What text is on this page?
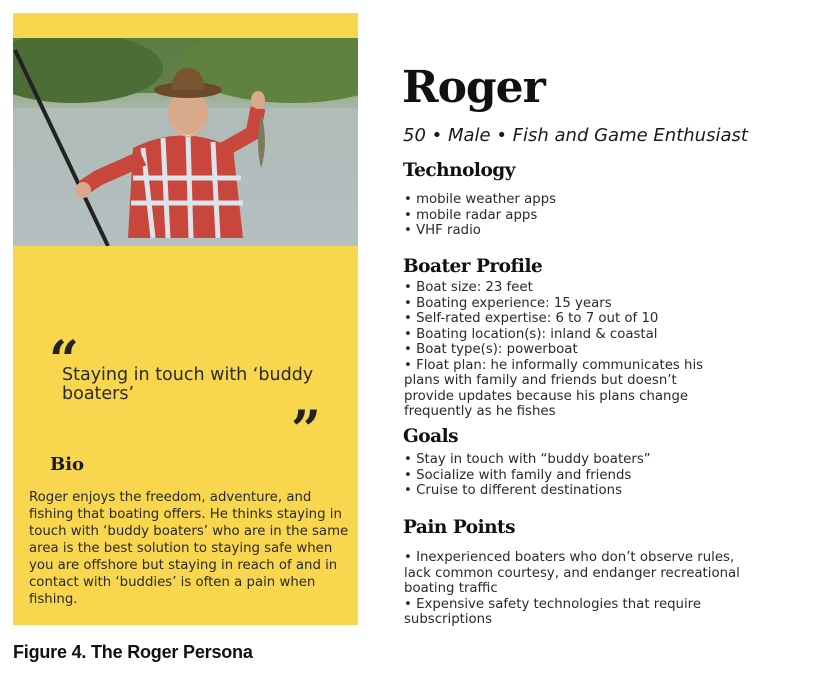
“
Staying in touch with ‘buddy boaters’
”
Bio
Roger enjoys the freedom, adventure, and fishing that boating offers. He thinks staying in touch with ‘buddy boaters’ who are in the same area is the best solution to staying safe when you are offshore but staying in reach of and in contact with ‘buddies’ is often a pain when fishing.
Figure 4. The Roger Persona
Roger
50 • Male • Fish and Game Enthusiast
Technology
• mobile weather apps
• mobile radar apps
• VHF radio
Boater Profile
• Boat size: 23 feet
• Boating experience: 15 years
• Self-rated expertise: 6 to 7 out of 10
• Boating location(s): inland & coastal
• Boat type(s): powerboat
• Float plan: he informally communicates his plans with family and friends but doesn’t provide updates because his plans change frequently as he fishes
Goals
• Stay in touch with “buddy boaters”
• Socialize with family and friends
• Cruise to different destinations
Pain Points
• Inexperienced boaters who don’t observe rules, lack common courtesy, and endanger recreational boating traffic
• Expensive safety technologies that require subscriptions
